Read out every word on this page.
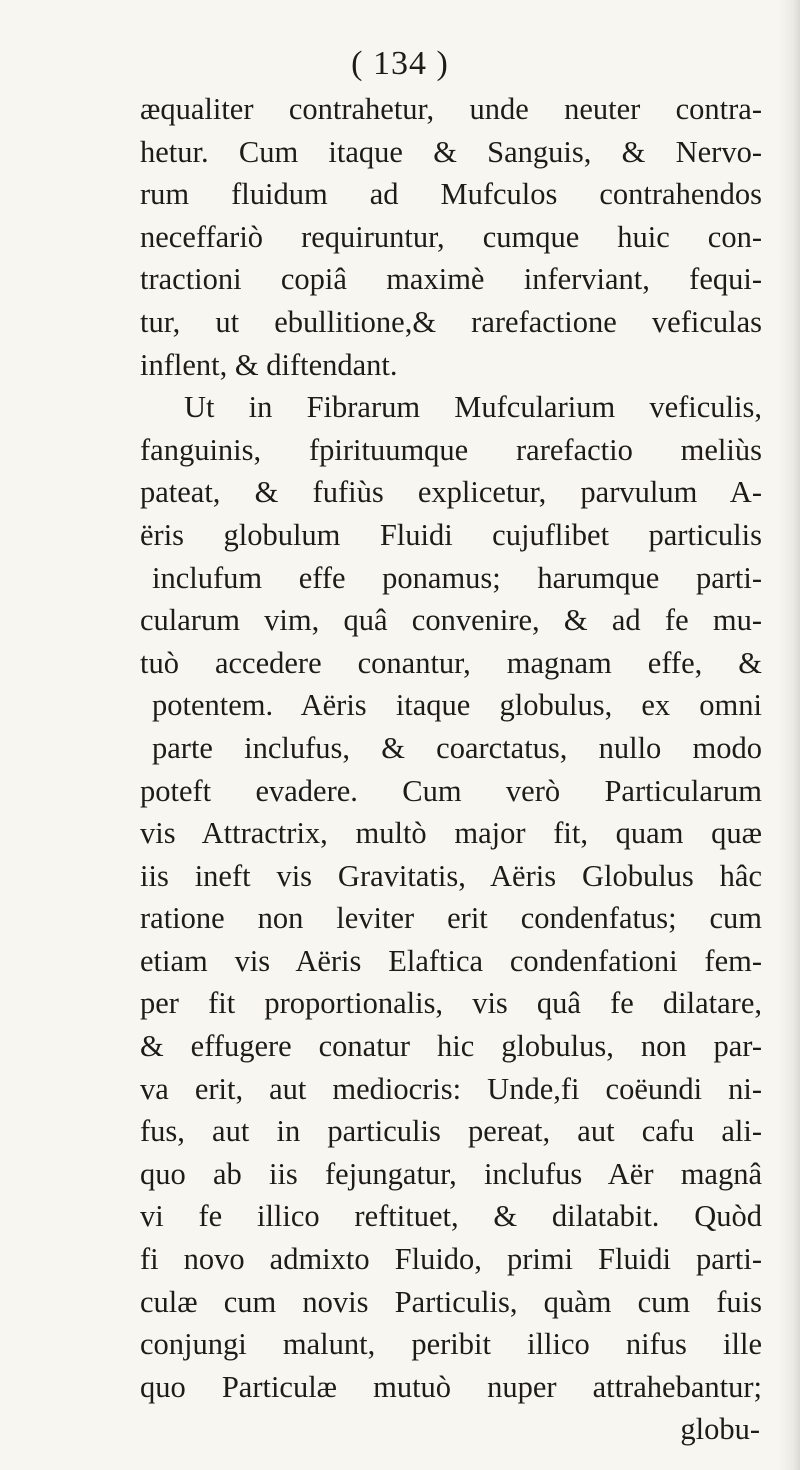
( 134 )
æqualiter contrahetur, unde neuter contra-
hetur. Cum itaque & Sanguis, & Nervo-
rum fluidum ad Mufculos contrahendos
neceffariò requiruntur, cumque huic con-
tractioni copiâ maximè inferviant, fequi-
tur, ut ebullitione,& rarefactione veficulas
inflent, & diftendant.
Ut in Fibrarum Mufcularium veficulis,
fanguinis, fpirituumque rarefactio meliùs
pateat, & fufiùs explicetur, parvulum A-
ëris globulum Fluidi cujuflibet particulis
inclufum effe ponamus; harumque parti-
cularum vim, quâ convenire, & ad fe mu-
tuò accedere conantur, magnam effe, &
potentem. Aëris itaque globulus, ex omni
parte inclufus, & coarctatus, nullo modo
poteft evadere. Cum verò Particularum
vis Attractrix, multò major fit, quam quæ
iis ineft vis Gravitatis, Aëris Globulus hâc
ratione non leviter erit condenfatus; cum
etiam vis Aëris Elaftica condenfationi fem-
per fit proportionalis, vis quâ fe dilatare,
& effugere conatur hic globulus, non par-
va erit, aut mediocris: Unde,fi coëundi ni-
fus, aut in particulis pereat, aut cafu ali-
quo ab iis fejungatur, inclufus Aër magnâ
vi fe illico reftituet, & dilatabit. Quòd
fi novo admixto Fluido, primi Fluidi parti-
culæ cum novis Particulis, quàm cum fuis
conjungi malunt, peribit illico nifus ille
quo Particulæ mutuò nuper attrahebantur;
globu-
